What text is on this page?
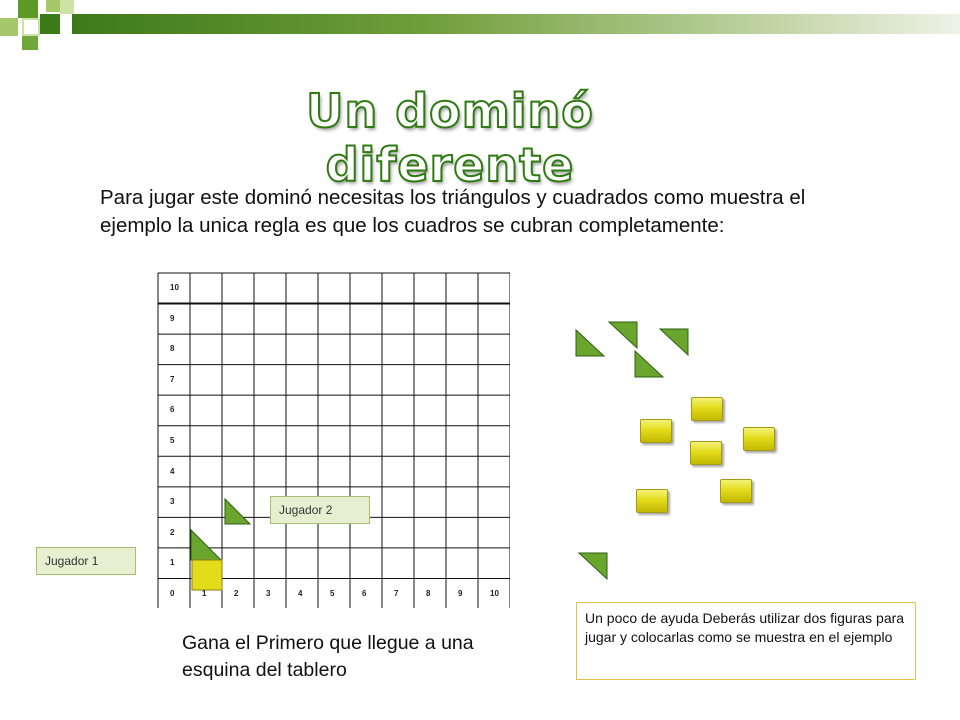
Un dominó diferente
Para jugar este dominó necesitas los triángulos y cuadrados como muestra el ejemplo la unica regla es que los cuadros se cubran completamente:
10
9
8
7
6
5
4
3
2
1
0	1	2	3	4	5	6	7	8	9	10
Jugador 1
Jugador 2
Un poco de ayuda Deberás utilizar dos figuras para jugar y colocarlas como se muestra en el ejemplo
Gana el Primero que llegue a una esquina del tablero
